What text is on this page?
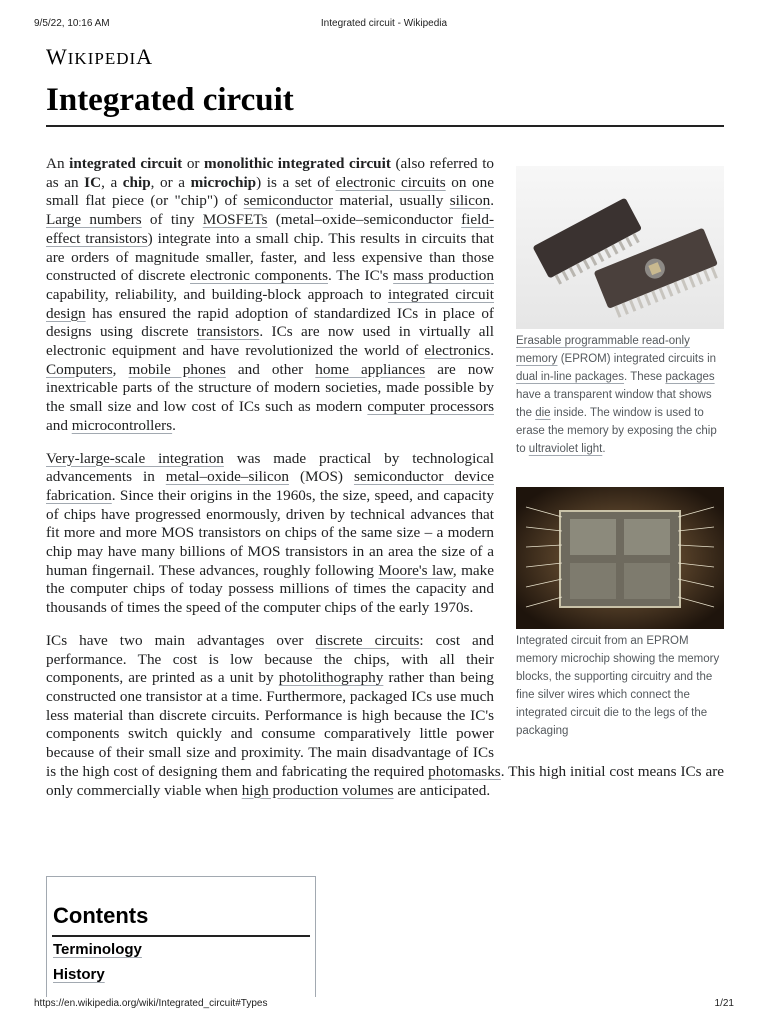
9/5/22, 10:16 AM	Integrated circuit - Wikipedia
WIKIPEDIA
Integrated circuit
Erasable programmable read-only memory (EPROM) integrated circuits in dual in-line packages. These packages have a transparent window that shows the die inside. The window is used to erase the memory by exposing the chip to ultraviolet light.

An integrated circuit or monolithic integrated circuit (also referred to as an IC, a chip, or a microchip) is a set of electronic circuits on one small flat piece (or "chip") of semiconductor material, usually silicon. Large numbers of tiny MOSFETs (metal–oxide–semiconductor field-effect transistors) integrate into a small chip. This results in circuits that are orders of magnitude smaller, faster, and less expensive than those constructed of discrete electronic components. The IC's mass production capability, reliability, and building-block approach to integrated circuit design has ensured the rapid adoption of standardized ICs in place of designs using discrete transistors. ICs are now used in virtually all electronic equipment and have revolutionized the world of electronics. Computers, mobile phones and other home appliances are now inextricable parts of the structure of modern societies, made possible by the small size and low cost of ICs such as modern computer processors and microcontrollers.

Integrated circuit from an EPROM memory microchip showing the memory blocks, the supporting circuitry and the fine silver wires which connect the integrated circuit die to the legs of the packaging

Very-large-scale integration was made practical by technological advancements in metal–oxide–silicon (MOS) semiconductor device fabrication. Since their origins in the 1960s, the size, speed, and capacity of chips have progressed enormously, driven by technical advances that fit more and more MOS transistors on chips of the same size – a modern chip may have many billions of MOS transistors in an area the size of a human fingernail. These advances, roughly following Moore's law, make the computer chips of today possess millions of times the capacity and thousands of times the speed of the computer chips of the early 1970s.

ICs have two main advantages over discrete circuits: cost and performance. The cost is low because the chips, with all their components, are printed as a unit by photolithography rather than being constructed one transistor at a time. Furthermore, packaged ICs use much less material than discrete circuits. Performance is high because the IC's components switch quickly and consume comparatively little power because of their small size and proximity. The main disadvantage of ICs is the high cost of designing them and fabricating the required photomasks. This high initial cost means ICs are only commercially viable when high production volumes are anticipated.

Contents
Terminology
History
https://en.wikipedia.org/wiki/Integrated_circuit#Types	1/21
